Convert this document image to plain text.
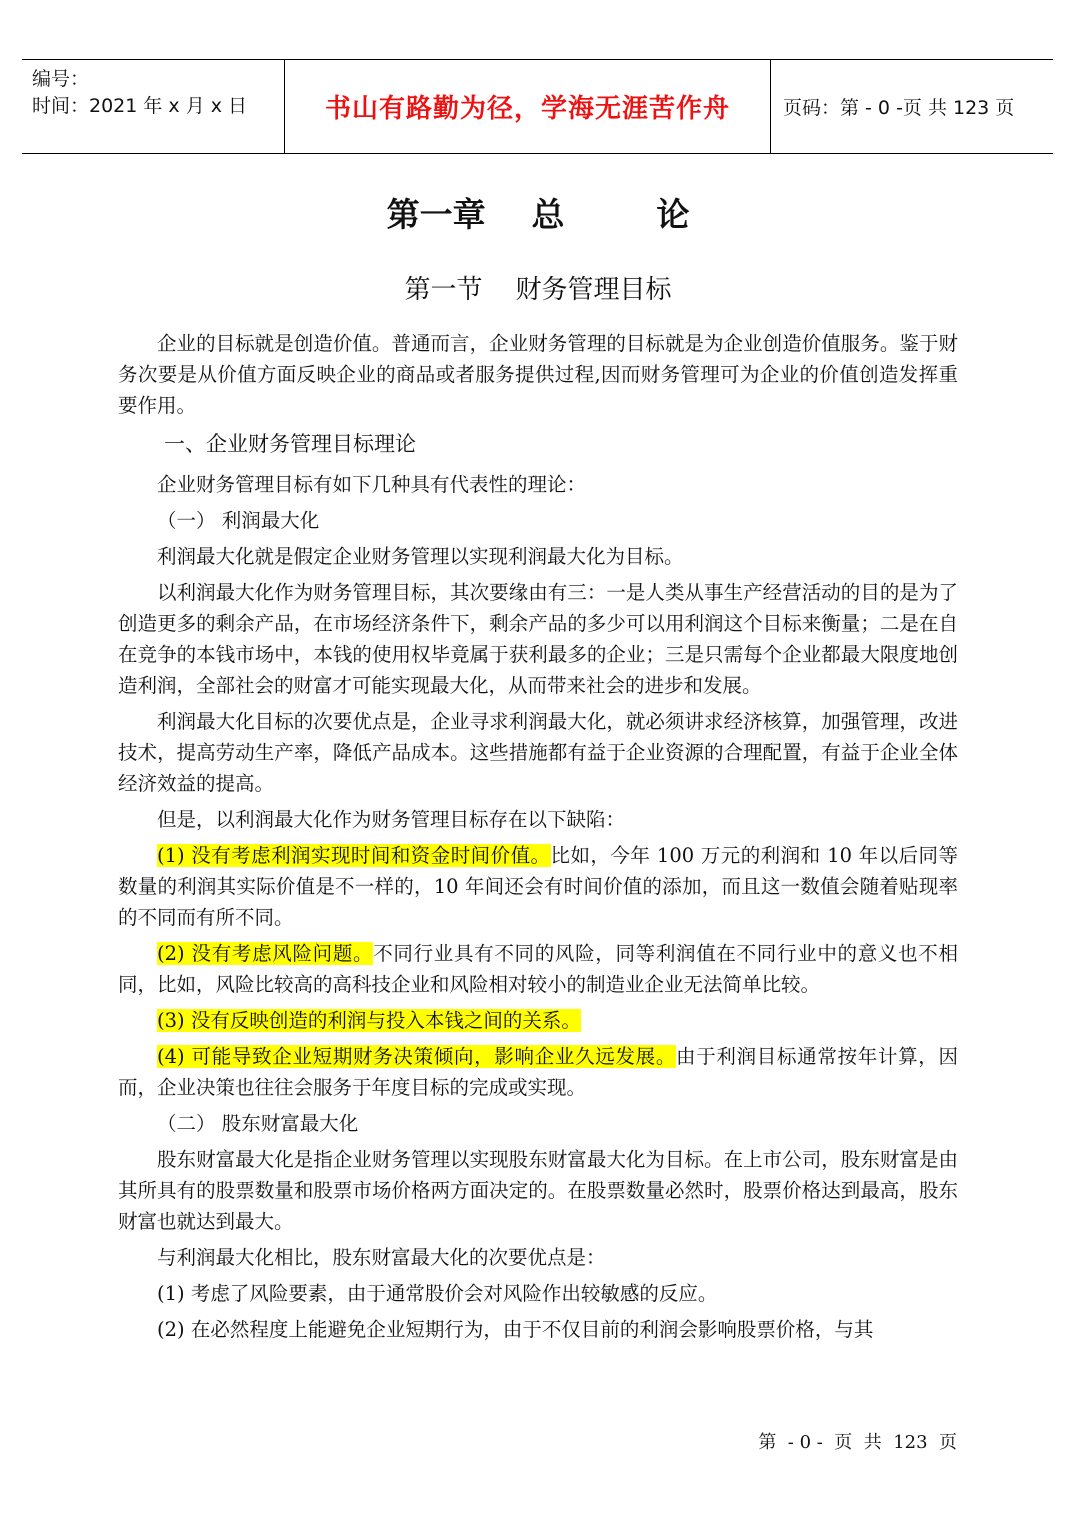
编号：
时间：2021 年 x 月 x 日	书山有路勤为径，学海无涯苦作舟	页码：第 - 0 -页 共 123 页
第一章    总        论
第一节    财务管理目标

企业的目标就是创造价值。普通而言，企业财务管理的目标就是为企业创造价值服务。鉴于财务次要是从价值方面反映企业的商品或者服务提供过程,因而财务管理可为企业的价值创造发挥重要作用。

一、企业财务管理目标理论

企业财务管理目标有如下几种具有代表性的理论：

（一） 利润最大化

利润最大化就是假定企业财务管理以实现利润最大化为目标。

以利润最大化作为财务管理目标，其次要缘由有三：一是人类从事生产经营活动的目的是为了创造更多的剩余产品，在市场经济条件下，剩余产品的多少可以用利润这个目标来衡量；二是在自在竞争的本钱市场中，本钱的使用权毕竟属于获利最多的企业；三是只需每个企业都最大限度地创造利润，全部社会的财富才可能实现最大化，从而带来社会的进步和发展。

利润最大化目标的次要优点是，企业寻求利润最大化，就必须讲求经济核算，加强管理，改进技术，提高劳动生产率，降低产品成本。这些措施都有益于企业资源的合理配置，有益于企业全体经济效益的提高。

但是，以利润最大化作为财务管理目标存在以下缺陷：

(1) 没有考虑利润实现时间和资金时间价值。比如，今年 100 万元的利润和 10 年以后同等数量的利润其实际价值是不一样的，10 年间还会有时间价值的添加，而且这一数值会随着贴现率的不同而有所不同。

(2) 没有考虑风险问题。不同行业具有不同的风险，同等利润值在不同行业中的意义也不相同，比如，风险比较高的高科技企业和风险相对较小的制造业企业无法简单比较。

(3) 没有反映创造的利润与投入本钱之间的关系。

(4) 可能导致企业短期财务决策倾向，影响企业久远发展。由于利润目标通常按年计算，因而，企业决策也往往会服务于年度目标的完成或实现。

（二） 股东财富最大化

股东财富最大化是指企业财务管理以实现股东财富最大化为目标。在上市公司，股东财富是由其所具有的股票数量和股票市场价格两方面决定的。在股票数量必然时，股票价格达到最高，股东财富也就达到最大。

与利润最大化相比，股东财富最大化的次要优点是：

(1) 考虑了风险要素，由于通常股价会对风险作出较敏感的反应。

(2) 在必然程度上能避免企业短期行为，由于不仅目前的利润会影响股票价格，与其

第  - 0 -  页  共  123  页
